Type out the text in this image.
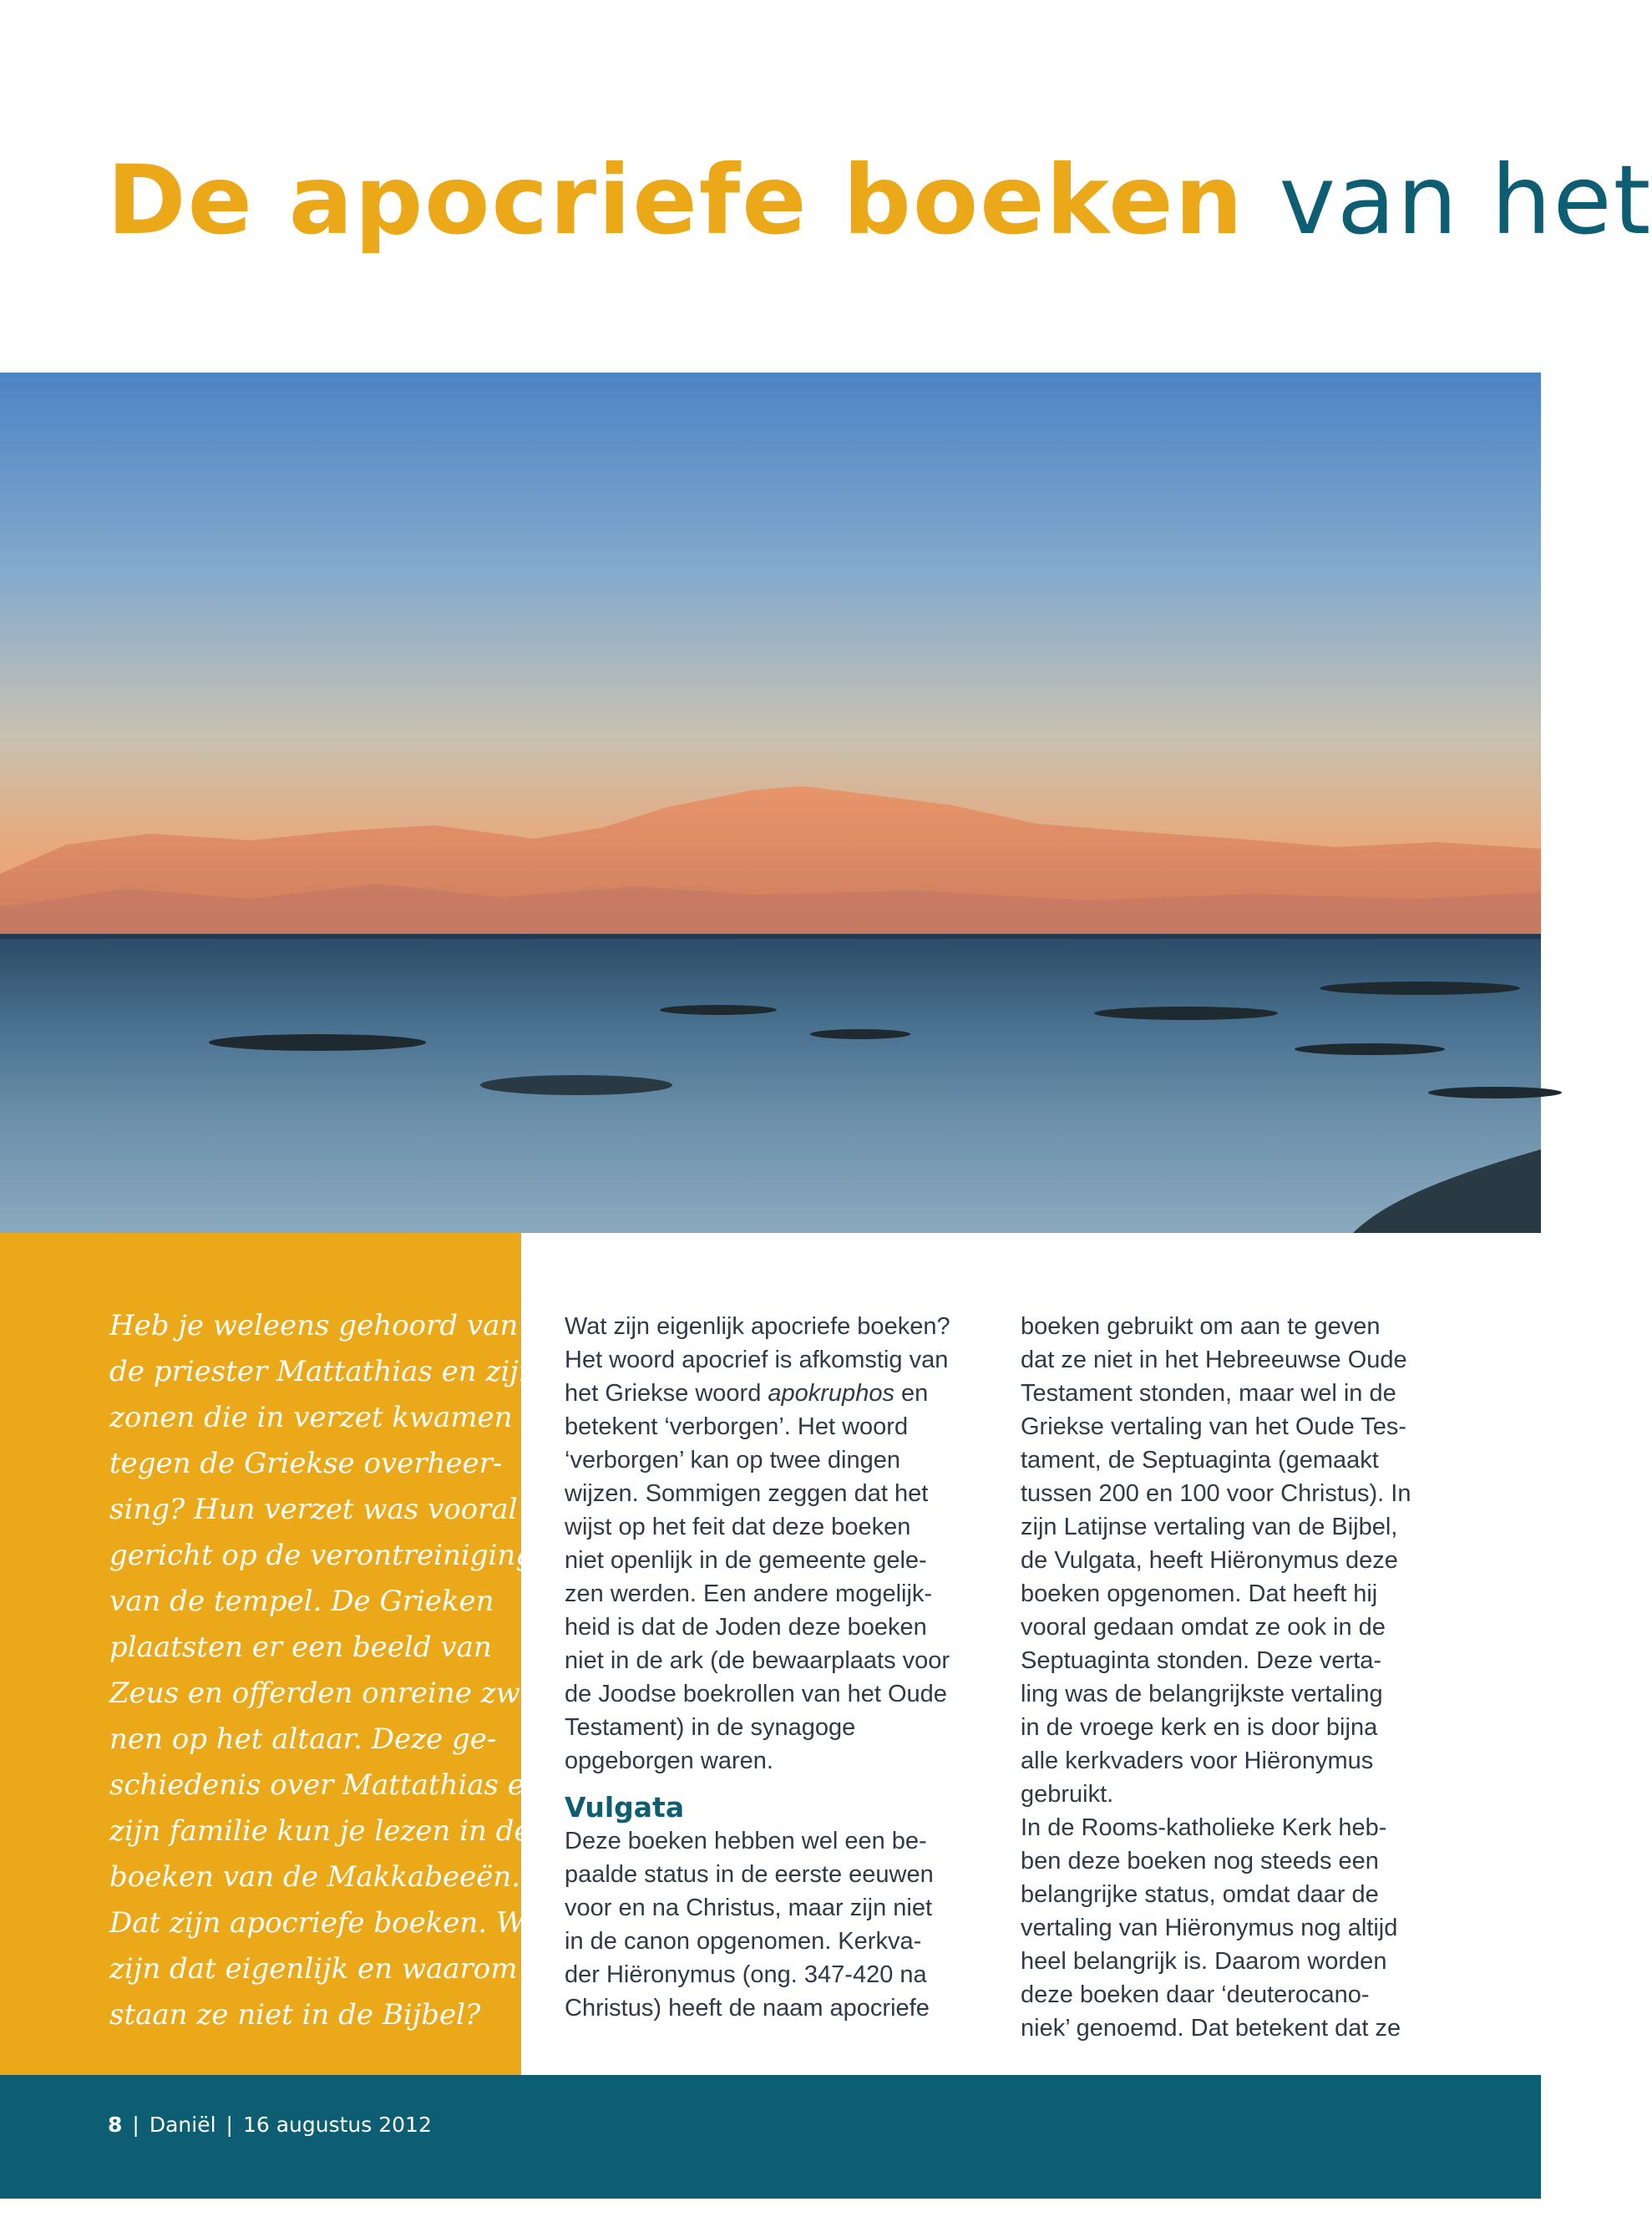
De apocriefe boeken van het
Heb je weleens gehoord van
de priester Mattathias en zijn
zonen die in verzet kwamen
tegen de Griekse overheer-
sing? Hun verzet was vooral
gericht op de verontreiniging
van de tempel. De Grieken
plaatsten er een beeld van
Zeus en offerden onreine zwij-
nen op het altaar. Deze ge-
schiedenis over Mattathias en
zijn familie kun je lezen in de
boeken van de Makkabeeën.
Dat zijn apocriefe boeken. Wat
zijn dat eigenlijk en waarom
staan ze niet in de Bijbel?
Wat zijn eigenlijk apocriefe boeken?
Het woord apocrief is afkomstig van
het Griekse woord apokruphos en
betekent ‘verborgen’. Het woord
‘verborgen’ kan op twee dingen
wijzen. Sommigen zeggen dat het
wijst op het feit dat deze boeken
niet openlijk in de gemeente gele-
zen werden. Een andere mogelijk-
heid is dat de Joden deze boeken
niet in de ark (de bewaarplaats voor
de Joodse boekrollen van het Oude
Testament) in de synagoge
opgeborgen waren.
Vulgata
Deze boeken hebben wel een be-
paalde status in de eerste eeuwen
voor en na Christus, maar zijn niet
in de canon opgenomen. Kerkva-
der Hiëronymus (ong. 347-420 na
Christus) heeft de naam apocriefe
boeken gebruikt om aan te geven
dat ze niet in het Hebreeuwse Oude
Testament stonden, maar wel in de
Griekse vertaling van het Oude Tes-
tament, de Septuaginta (gemaakt
tussen 200 en 100 voor Christus). In
zijn Latijnse vertaling van de Bijbel,
de Vulgata, heeft Hiëronymus deze
boeken opgenomen. Dat heeft hij
vooral gedaan omdat ze ook in de
Septuaginta stonden. Deze verta-
ling was de belangrijkste vertaling
in de vroege kerk en is door bijna
alle kerkvaders voor Hiëronymus
gebruikt.
In de Rooms-katholieke Kerk heb-
ben deze boeken nog steeds een
belangrijke status, omdat daar de
vertaling van Hiëronymus nog altijd
heel belangrijk is. Daarom worden
deze boeken daar ‘deuterocano-
niek’ genoemd. Dat betekent dat ze
8 | Daniël | 16 augustus 2012
